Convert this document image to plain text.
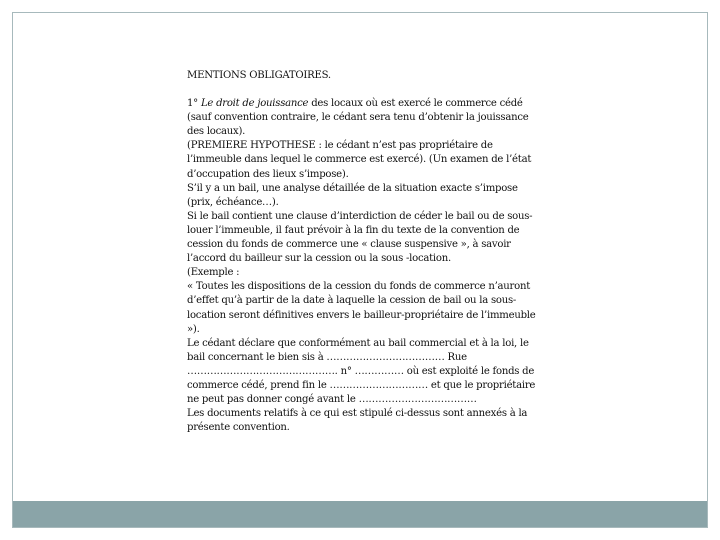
MENTIONS OBLIGATOIRES.

1° Le droit de jouissance des locaux où est exercé le commerce cédé (sauf convention contraire, le cédant sera tenu d’obtenir la jouissance des locaux).

(PREMIERE HYPOTHESE : le cédant n’est pas propriétaire de l’immeuble dans lequel le commerce est exercé). (Un examen de l’état d’occupation des lieux s’impose).

S’il y a un bail, une analyse détaillée de la situation exacte s’impose (prix, échéance…).

Si le bail contient une clause d’interdiction de céder le bail ou de sous-louer l’immeuble, il faut prévoir à la fin du texte de la convention de cession du fonds de commerce une « clause suspensive », à savoir l’accord du bailleur sur la cession ou la sous -location.

(Exemple :

« Toutes les dispositions de la cession du fonds de commerce n’auront d’effet qu’à partir de la date à laquelle la cession de bail ou la sous-location seront définitives envers le bailleur-propriétaire de l’immeuble »).

Le cédant déclare que conformément au bail commercial et à la loi, le bail concernant le bien sis à ……………………………… Rue ………………………………………. n° …………… où est exploité le fonds de commerce cédé, prend fin le ………………………… et que le propriétaire ne peut pas donner congé avant le ………………………………

Les documents relatifs à ce qui est stipulé ci-dessus sont annexés à la présente convention.
